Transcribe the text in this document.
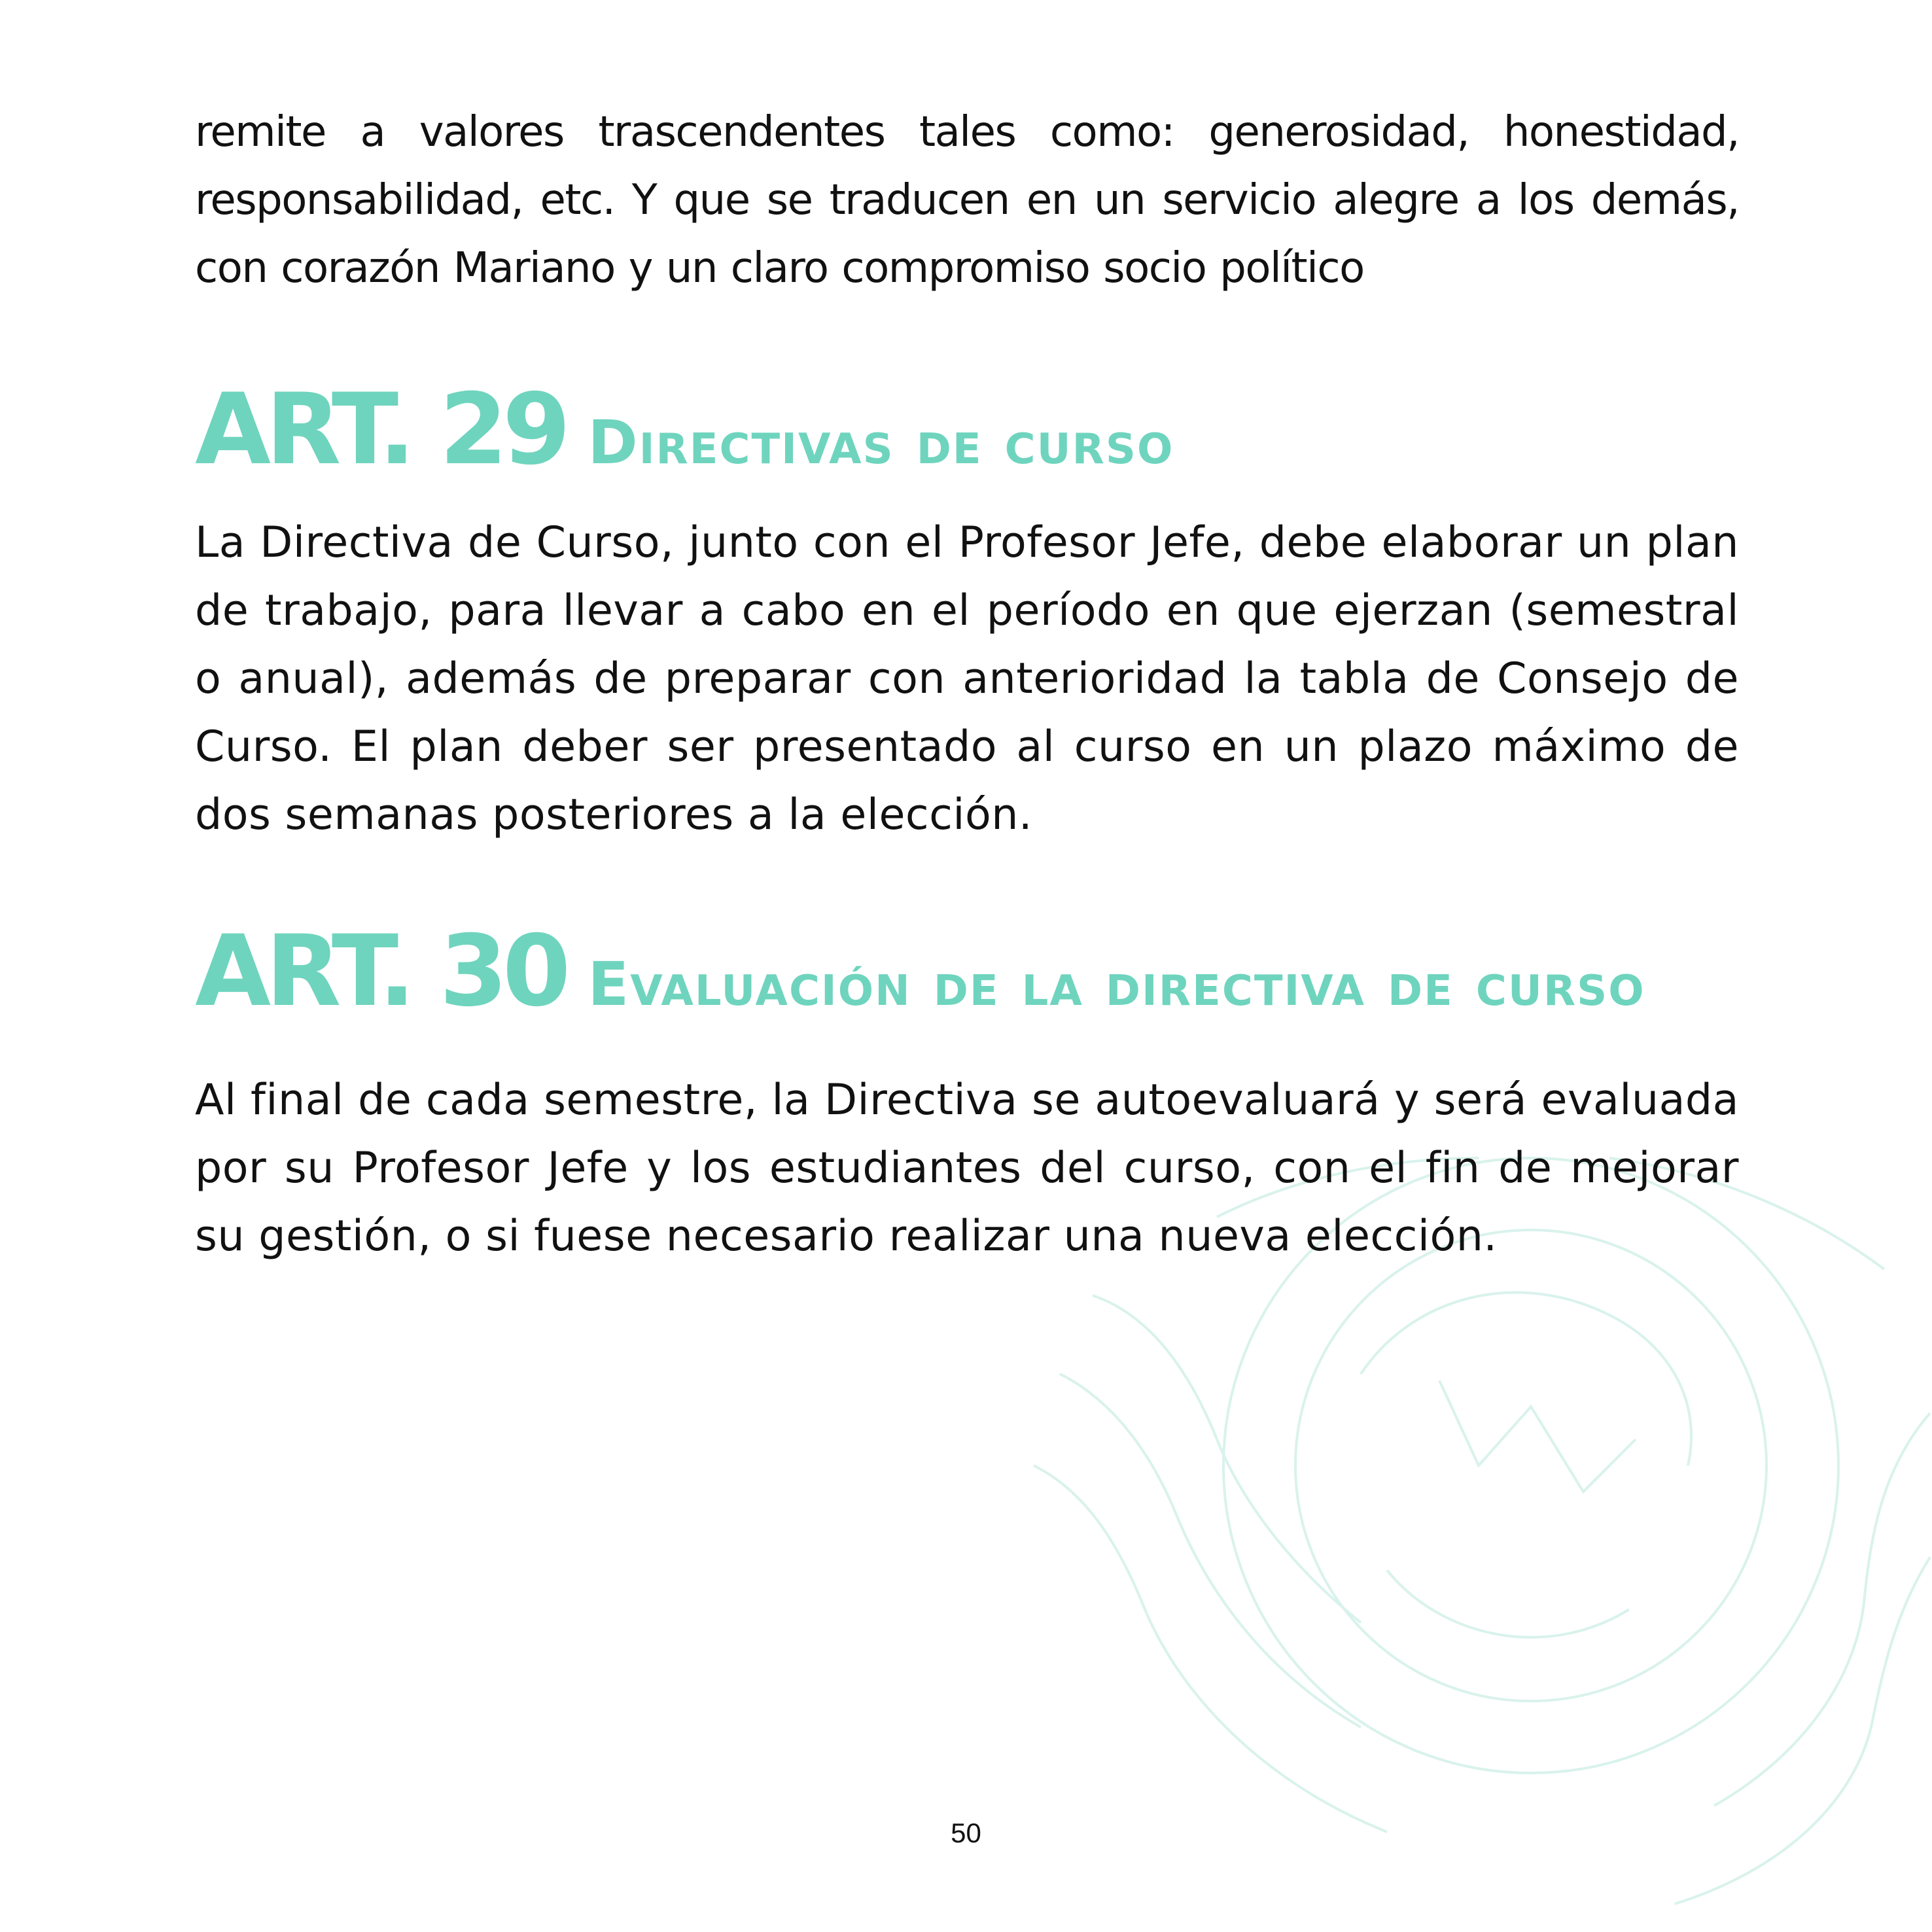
remite a valores trascendentes tales como: generosidad, honestidad, responsabilidad, etc. Y que se traducen en un servicio alegre a los demás, con corazón Mariano y un claro compromiso socio político

ART. 29 Directivas de curso

La Directiva de Curso, junto con el Profesor Jefe, debe elaborar un plan de trabajo, para llevar a cabo en el período en que ejerzan (semestral o anual), además de preparar con anterioridad la tabla de Consejo de Curso. El plan deber ser presentado al curso en un plazo máximo de dos semanas posteriores a la elección.

ART. 30 Evaluación de la directiva de curso

Al final de cada semestre, la Directiva se autoevaluará y será evaluada por su Profesor Jefe y los estudiantes del curso, con el fin de mejorar su gestión, o si fuese necesario realizar una nueva elección.

50
